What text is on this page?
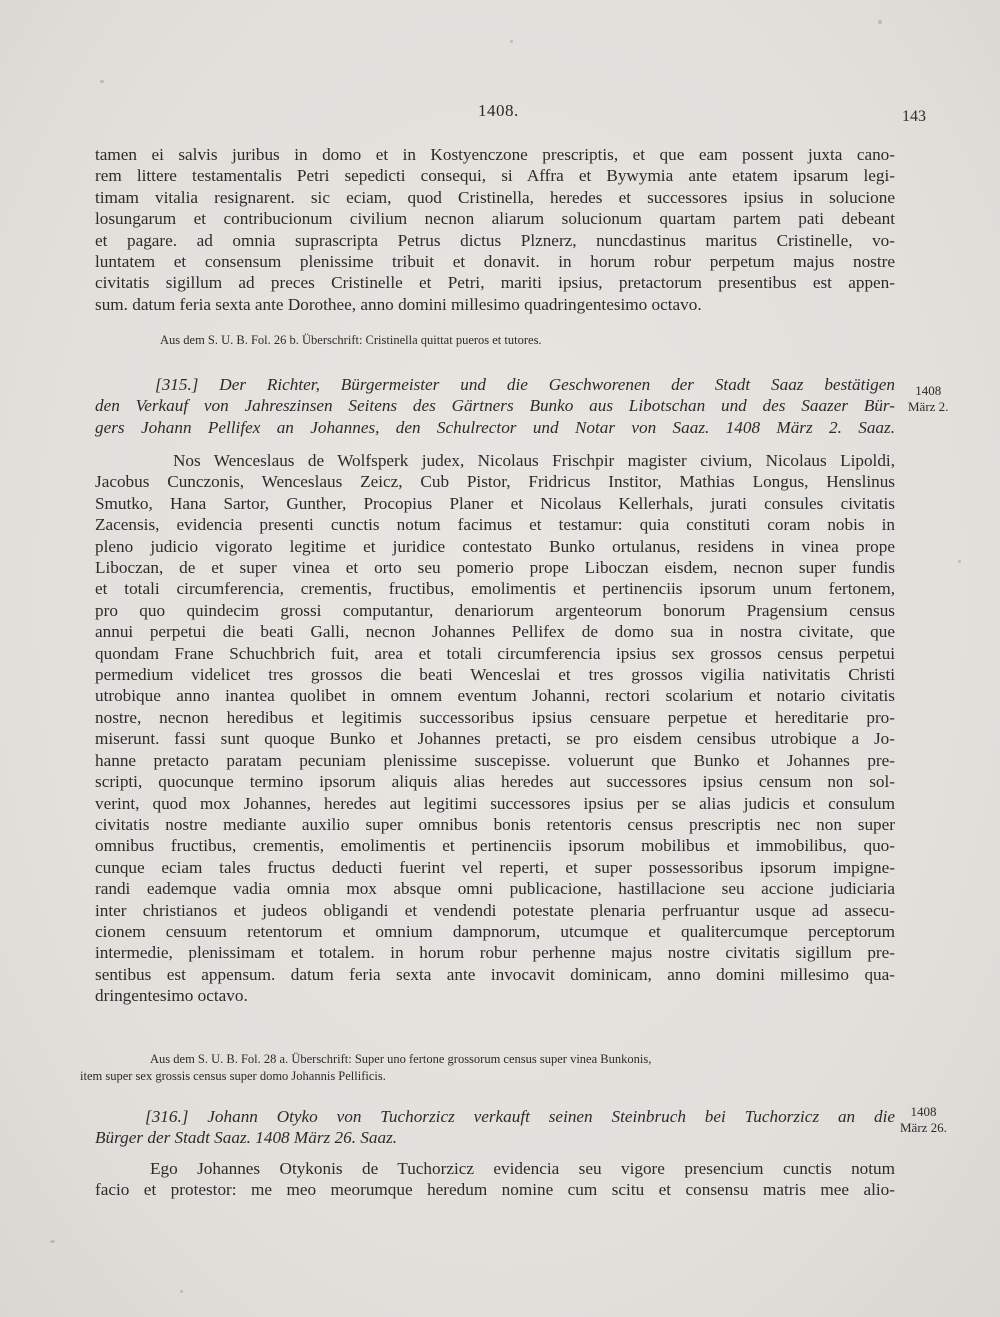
1408.	143
tamen ei salvis juribus in domo et in Kostyenczone prescriptis, et que eam possent juxta cano-
rem littere testamentalis Petri sepedicti consequi, si Affra et Bywymia ante etatem ipsarum legi-
timam vitalia resignarent. sic eciam, quod Cristinella, heredes et successores ipsius in solucione
losungarum et contribucionum civilium necnon aliarum solucionum quartam partem pati debeant
et pagare. ad omnia suprascripta Petrus dictus Plznerz, nuncdastinus maritus Cristinelle, vo-
luntatem et consensum plenissime tribuit et donavit. in horum robur perpetum majus nostre
civitatis sigillum ad preces Cristinelle et Petri, mariti ipsius, pretactorum presentibus est appen-
sum. datum feria sexta ante Dorothee, anno domini millesimo quadringentesimo octavo.
Aus dem S. U. B. Fol. 26 b. Überschrift: Cristinella quittat pueros et tutores.
[315.] Der Richter, Bürgermeister und die Geschworenen der Stadt Saaz bestätigen
den Verkauf von Jahreszinsen Seitens des Gärtners Bunko aus Libotschan und des Saazer Bür-
gers Johann Pellifex an Johannes, den Schulrector und Notar von Saaz. 1408 März 2. Saaz.
1408
März 2.
Nos Wenceslaus de Wolfsperk judex, Nicolaus Frischpir magister civium, Nicolaus Lipoldi,
Jacobus Cunczonis, Wenceslaus Zeicz, Cub Pistor, Fridricus Institor, Mathias Longus, Henslinus
Smutko, Hana Sartor, Gunther, Procopius Planer et Nicolaus Kellerhals, jurati consules civitatis
Zacensis, evidencia presenti cunctis notum facimus et testamur: quia constituti coram nobis in
pleno judicio vigorato legitime et juridice contestato Bunko ortulanus, residens in vinea prope
Liboczan, de et super vinea et orto seu pomerio prope Liboczan eisdem, necnon super fundis
et totali circumferencia, crementis, fructibus, emolimentis et pertinenciis ipsorum unum fertonem,
pro quo quindecim grossi computantur, denariorum argenteorum bonorum Pragensium census
annui perpetui die beati Galli, necnon Johannes Pellifex de domo sua in nostra civitate, que
quondam Frane Schuchbrich fuit, area et totali circumferencia ipsius sex grossos census perpetui
permedium videlicet tres grossos die beati Wenceslai et tres grossos vigilia nativitatis Christi
utrobique anno inantea quolibet in omnem eventum Johanni, rectori scolarium et notario civitatis
nostre, necnon heredibus et legitimis successoribus ipsius censuare perpetue et hereditarie pro-
miserunt. fassi sunt quoque Bunko et Johannes pretacti, se pro eisdem censibus utrobique a Jo-
hanne pretacto paratam pecuniam plenissime suscepisse. voluerunt que Bunko et Johannes pre-
scripti, quocunque termino ipsorum aliquis alias heredes aut successores ipsius censum non sol-
verint, quod mox Johannes, heredes aut legitimi successores ipsius per se alias judicis et consulum
civitatis nostre mediante auxilio super omnibus bonis retentoris census prescriptis nec non super
omnibus fructibus, crementis, emolimentis et pertinenciis ipsorum mobilibus et immobilibus, quo-
cunque eciam tales fructus deducti fuerint vel reperti, et super possessoribus ipsorum impigne-
randi eademque vadia omnia mox absque omni publicacione, hastillacione seu accione judiciaria
inter christianos et judeos obligandi et vendendi potestate plenaria perfruantur usque ad assecu-
cionem censuum retentorum et omnium dampnorum, utcumque et qualitercumque perceptorum
intermedie, plenissimam et totalem. in horum robur perhenne majus nostre civitatis sigillum pre-
sentibus est appensum. datum feria sexta ante invocavit dominicam, anno domini millesimo qua-
dringentesimo octavo.
Aus dem S. U. B. Fol. 28 a. Überschrift: Super uno fertone grossorum census super vinea Bunkonis,
item super sex grossis census super domo Johannis Pellificis.
[316.] Johann Otyko von Tuchorzicz verkauft seinen Steinbruch bei Tuchorzicz an die
Bürger der Stadt Saaz. 1408 März 26. Saaz.
1408
März 26.
Ego Johannes Otykonis de Tuchorzicz evidencia seu vigore presencium cunctis notum
facio et protestor: me meo meorumque heredum nomine cum scitu et consensu matris mee alio-
